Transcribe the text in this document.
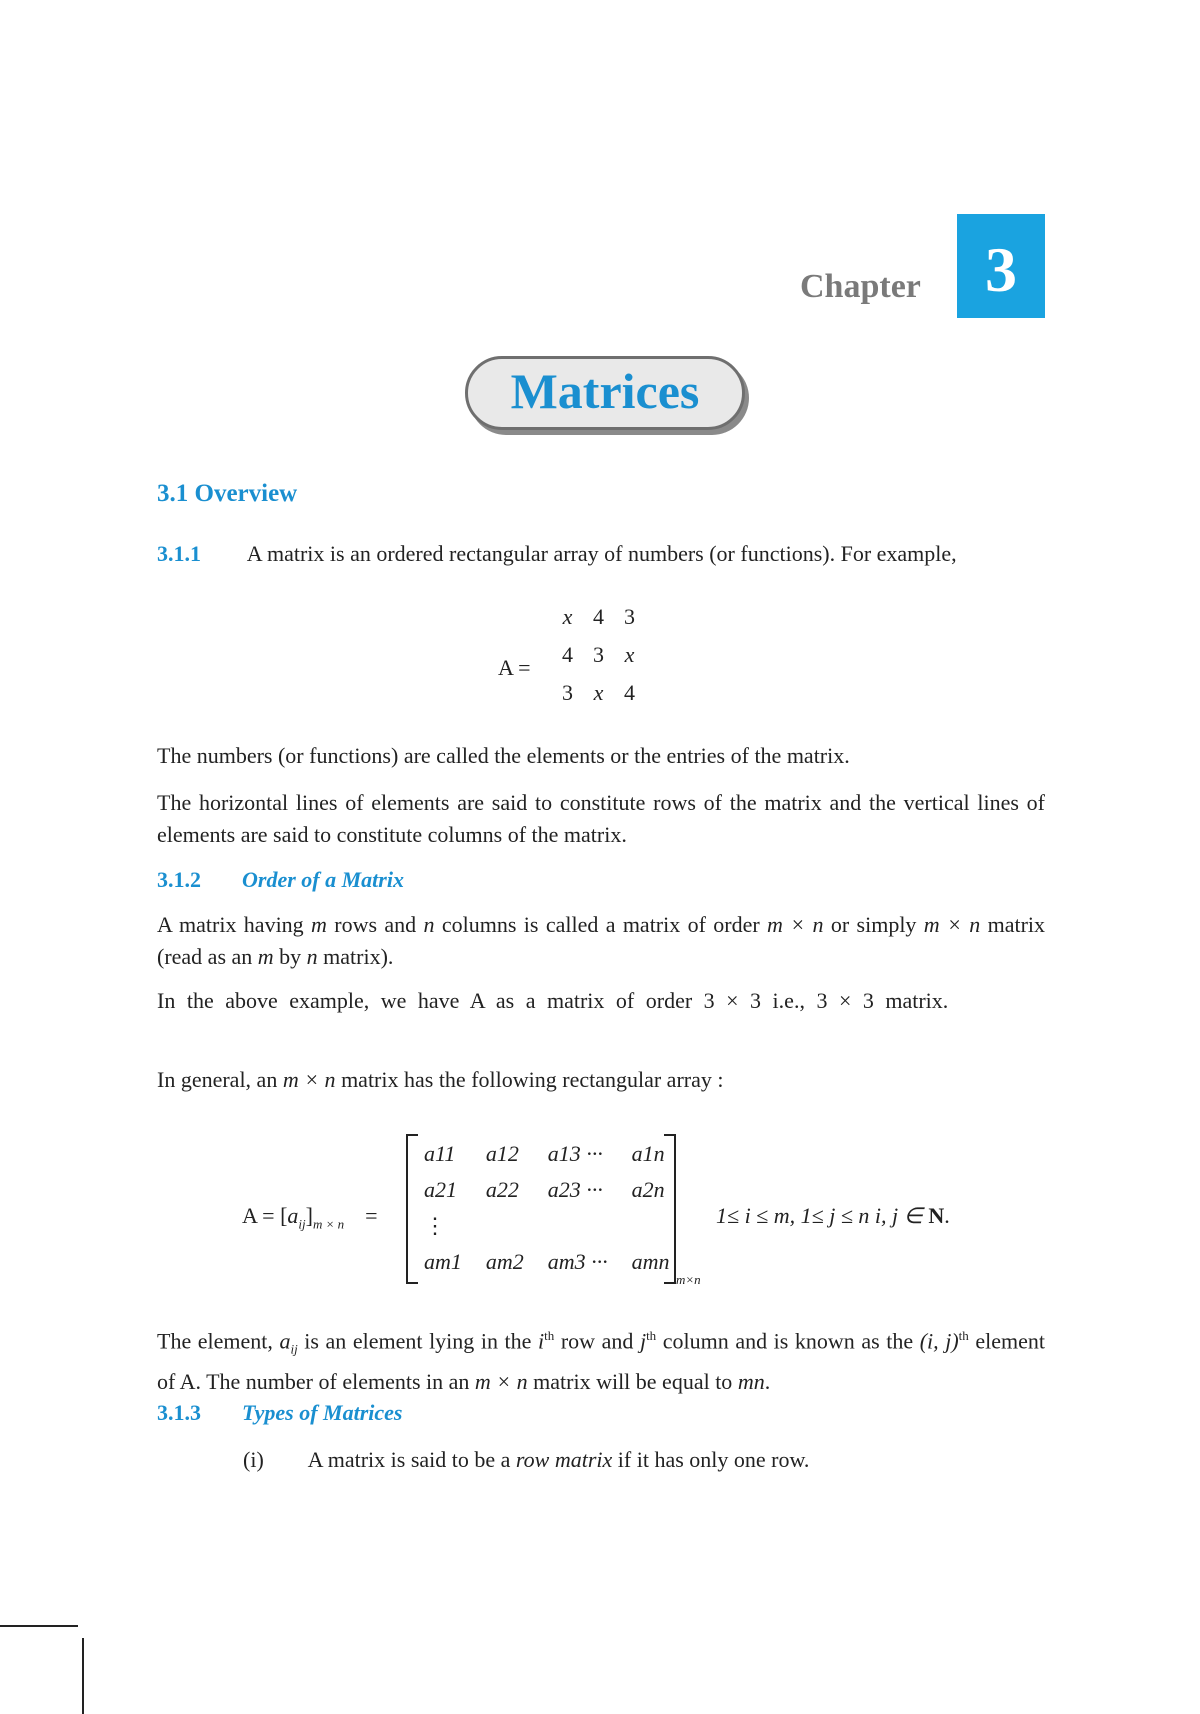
Chapter	3
Matrices
3.1 Overview
3.1.1 A matrix is an ordered rectangular array of numbers (or functions). For example,
A =
x	4	3
4	3	x
3	x	4
The numbers (or functions) are called the elements or the entries of the matrix.
The horizontal lines of elements are said to constitute rows of the matrix and the vertical lines of elements are said to constitute columns of the matrix.
3.1.2 Order of a Matrix
A matrix having m rows and n columns is called a matrix of order m × n or simply m × n matrix (read as an m by n matrix).
In the above example, we have A as a matrix of order 3 × 3 i.e., 3 × 3 matrix.
In general, an m × n matrix has the following rectangular array :
$A = [a_{ij}]_{m \times n}$ =
a11	a12	a13 ···	a1n
a21	a22	a23 ···	a2n
⋮			
am1	am2	am3 ···	amn
m×n
1≤ i ≤ m, 1≤ j ≤ n i, j ∈ N.
The element, $a_{ij}$ is an element lying in the $i^{th}$ row and $j^{th}$ column and is known as the (i, j)$^{th}$ element of A. The number of elements in an m × n matrix will be equal to mn.
3.1.3 Types of Matrices
(i) A matrix is said to be a row matrix if it has only one row.
